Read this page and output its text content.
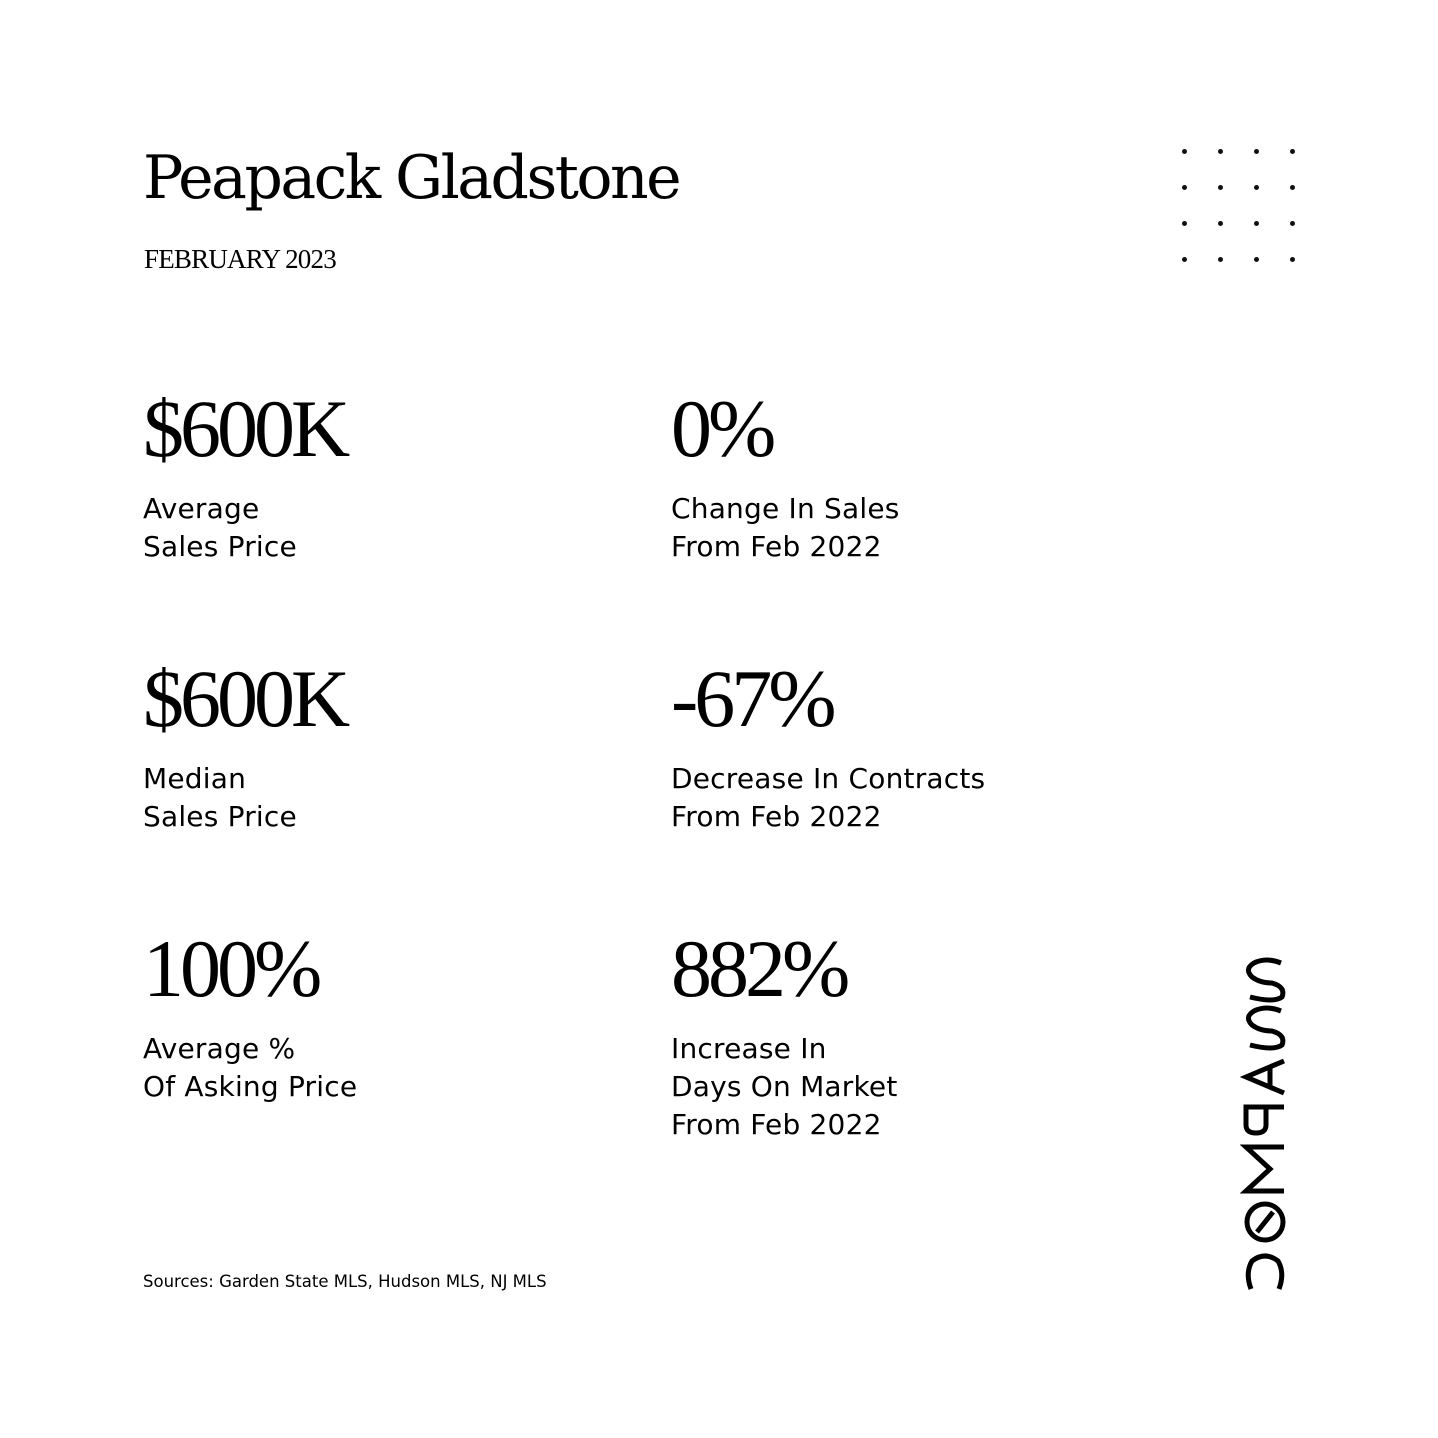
Peapack Gladstone
FEBRUARY 2023
$600K
Average
Sales Price
0%
Change In Sales
From Feb 2022
$600K
Median
Sales Price
-67%
Decrease In Contracts
From Feb 2022
100%
Average %
Of Asking Price
882%
Increase In
Days On Market
From Feb 2022
Sources: Garden State MLS, Hudson MLS, NJ MLS
